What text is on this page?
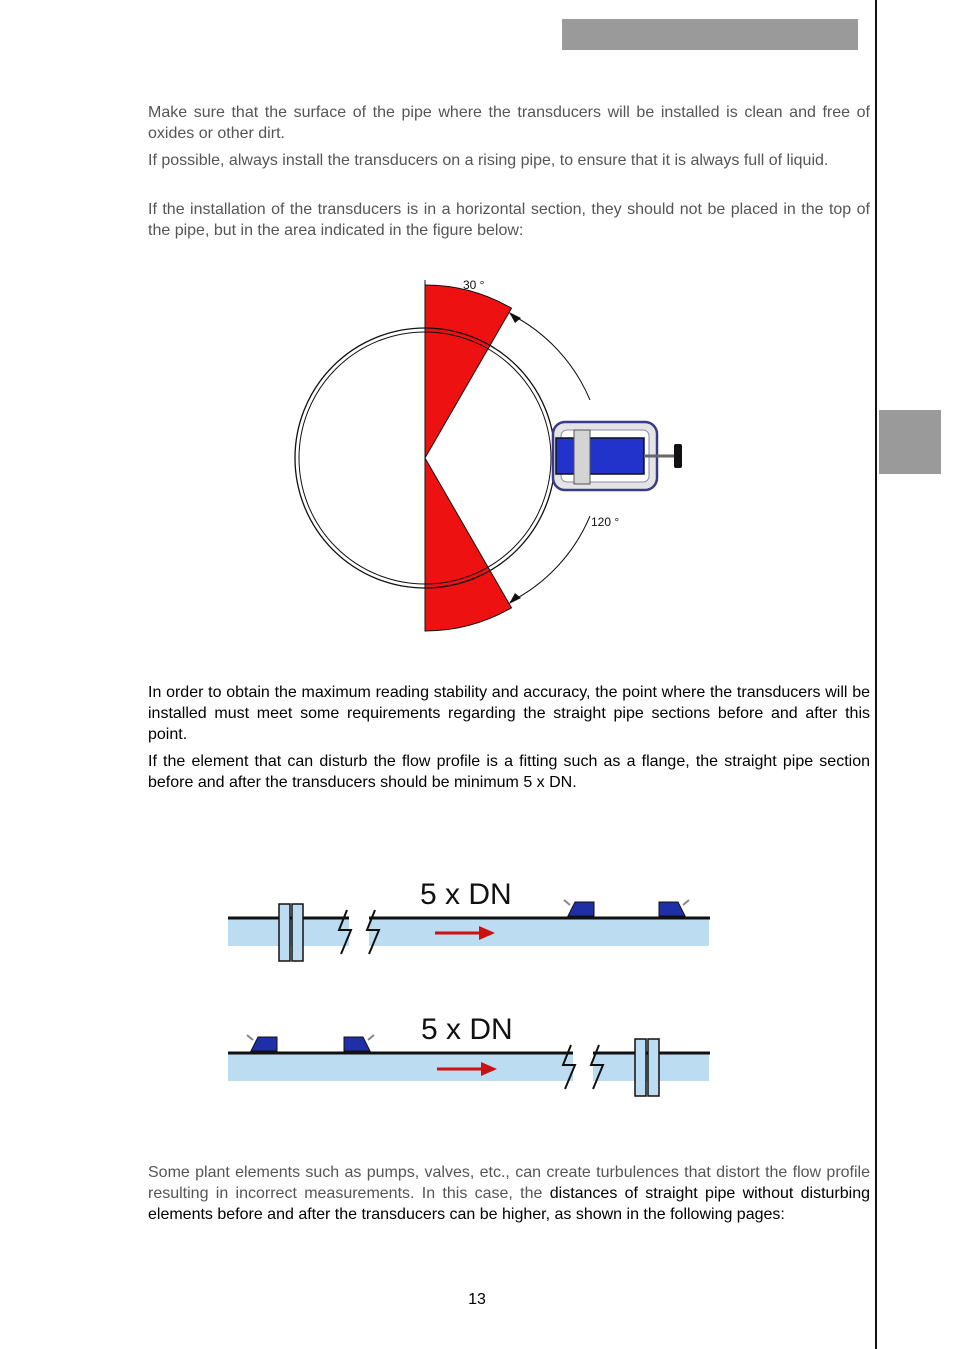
Make sure that the surface of the pipe where the transducers will be installed is clean and free of oxides or other dirt.

If possible, always install the transducers on a rising pipe, to ensure that it is always full of liquid.

If the installation of the transducers is in a horizontal section, they should not be placed in the top of the pipe, but in the area indicated in the figure below:

30 °
120 °

In order to obtain the maximum reading stability and accuracy, the point where the transducers will be installed must meet some requirements regarding the straight pipe sections before and after this point.

If the element that can disturb the flow profile is a fitting such as a flange, the straight pipe section before and after the transducers should be minimum 5 x DN.

5 x DN
5 x DN

Some plant elements such as pumps, valves, etc., can create turbulences that distort the flow profile resulting in incorrect measurements. In this case, the distances of straight pipe without disturbing elements before and after the transducers can be higher, as shown in the following pages:

13
